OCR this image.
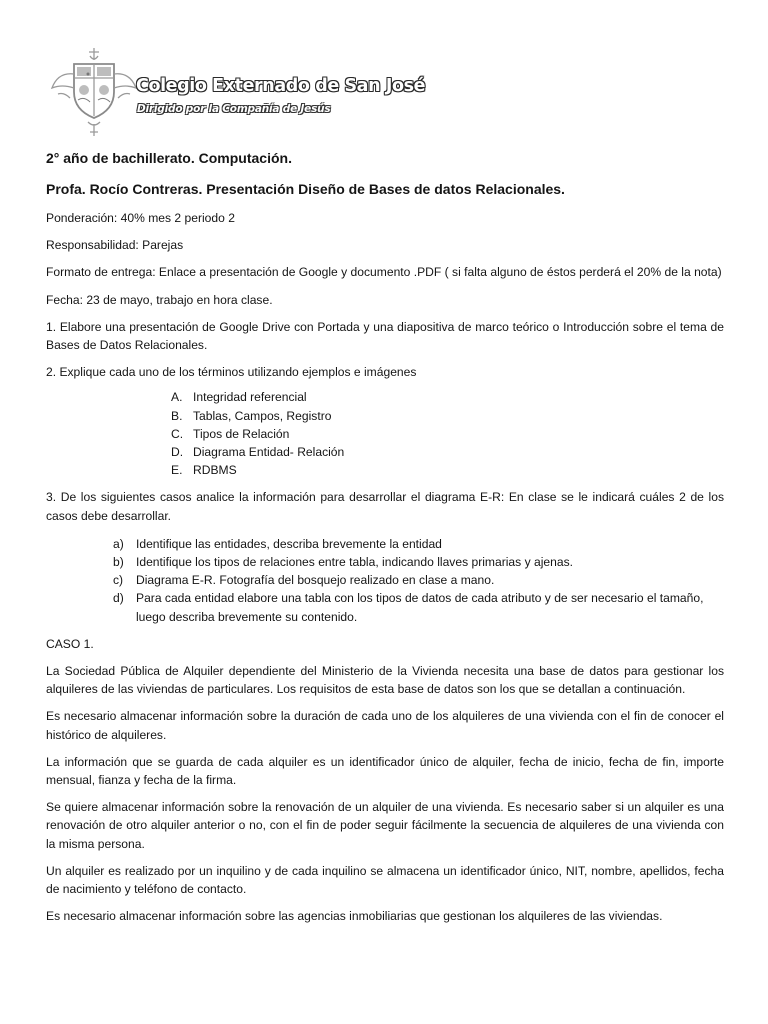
Colegio Externado de San José
Dirigido por la Compañía de Jesús
2° año de bachillerato. Computación.
Profa. Rocío Contreras. Presentación Diseño de Bases de datos Relacionales.

Ponderación: 40% mes 2 periodo 2

Responsabilidad: Parejas

Formato de entrega: Enlace a presentación de Google y documento .PDF ( si falta alguno de éstos perderá el 20% de la nota)

Fecha: 23 de mayo, trabajo en hora clase.

1. Elabore una presentación de Google Drive con Portada y una diapositiva de marco teórico o Introducción sobre el tema de Bases de Datos Relacionales.

2. Explique cada uno de los términos utilizando ejemplos e imágenes

A. Integridad referencial
B. Tablas, Campos, Registro
C. Tipos de Relación
D. Diagrama Entidad- Relación
E. RDBMS

3. De los siguientes casos analice la información para desarrollar el diagrama E-R: En clase se le indicará cuáles 2 de los casos debe desarrollar.

a) Identifique las entidades, describa brevemente la entidad
b) Identifique los tipos de relaciones entre tabla, indicando llaves primarias y ajenas.
c) Diagrama E-R. Fotografía del bosquejo realizado en clase a mano.
d) Para cada entidad elabore una tabla con los tipos de datos de cada atributo y de ser necesario el tamaño, luego describa brevemente su contenido.

CASO 1.

La Sociedad Pública de Alquiler dependiente del Ministerio de la Vivienda necesita una base de datos para gestionar los alquileres de las viviendas de particulares. Los requisitos de esta base de datos son los que se detallan a continuación.

Es necesario almacenar información sobre la duración de cada uno de los alquileres de una vivienda con el fin de conocer el histórico de alquileres.

La información que se guarda de cada alquiler es un identificador único de alquiler, fecha de inicio, fecha de fin, importe mensual, fianza y fecha de la firma.

Se quiere almacenar información sobre la renovación de un alquiler de una vivienda. Es necesario saber si un alquiler es una renovación de otro alquiler anterior o no, con el fin de poder seguir fácilmente la secuencia de alquileres de una vivienda con la misma persona.

Un alquiler es realizado por un inquilino y de cada inquilino se almacena un identificador único, NIT, nombre, apellidos, fecha de nacimiento y teléfono de contacto.

Es necesario almacenar información sobre las agencias inmobiliarias que gestionan los alquileres de las viviendas.
